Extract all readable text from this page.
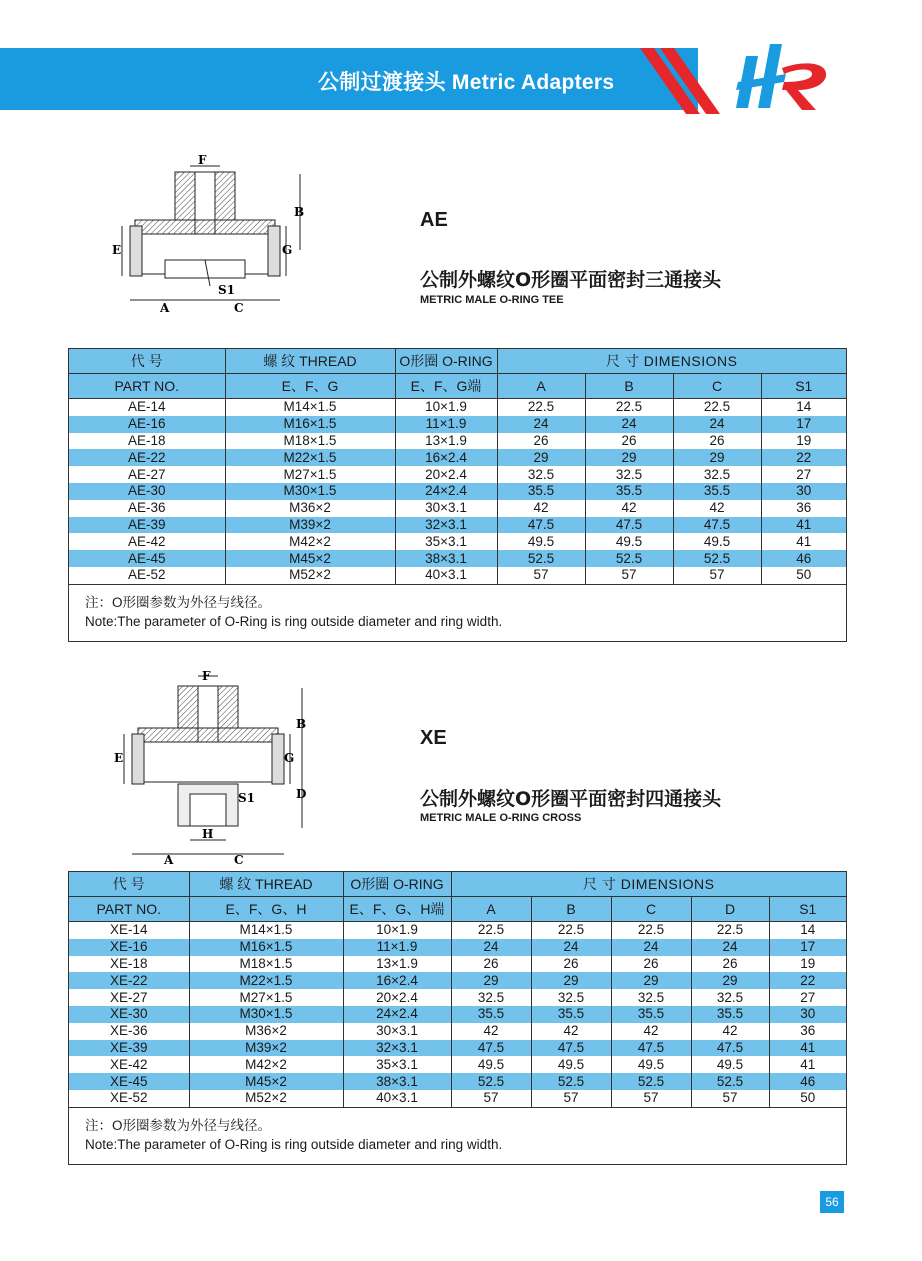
公制过渡接头 Metric Adapters
F
B
E	G
S1
A	C
AE
公制外螺纹O形圈平面密封三通接头
METRIC MALE O-RING TEE
代 号	螺 纹 THREAD	O形圈 O-RING	尺 寸 DIMENSIONS			
PART NO.	E、F、G	E、F、G端	A	B	C	S1
AE-14	M14×1.5	10×1.9	22.5	22.5	22.5	14
AE-16	M16×1.5	11×1.9	24	24	24	17
AE-18	M18×1.5	13×1.9	26	26	26	19
AE-22	M22×1.5	16×2.4	29	29	29	22
AE-27	M27×1.5	20×2.4	32.5	32.5	32.5	27
AE-30	M30×1.5	24×2.4	35.5	35.5	35.5	30
AE-36	M36×2	30×3.1	42	42	42	36
AE-39	M39×2	32×3.1	47.5	47.5	47.5	41
AE-42	M42×2	35×3.1	49.5	49.5	49.5	41
AE-45	M45×2	38×3.1	52.5	52.5	52.5	46
AE-52	M52×2	40×3.1	57	57	57	50
注：O形圈参数为外径与线径。
Note:The parameter of O-Ring is ring outside diameter and ring width.
F
B
E	G
D
S1
H
A	C
XE
公制外螺纹O形圈平面密封四通接头
METRIC MALE O-RING CROSS
代 号	螺 纹 THREAD	O形圈 O-RING	尺 寸 DIMENSIONS				
PART NO.	E、F、G、H	E、F、G、H端	A	B	C	D	S1
XE-14	M14×1.5	10×1.9	22.5	22.5	22.5	22.5	14
XE-16	M16×1.5	11×1.9	24	24	24	24	17
XE-18	M18×1.5	13×1.9	26	26	26	26	19
XE-22	M22×1.5	16×2.4	29	29	29	29	22
XE-27	M27×1.5	20×2.4	32.5	32.5	32.5	32.5	27
XE-30	M30×1.5	24×2.4	35.5	35.5	35.5	35.5	30
XE-36	M36×2	30×3.1	42	42	42	42	36
XE-39	M39×2	32×3.1	47.5	47.5	47.5	47.5	41
XE-42	M42×2	35×3.1	49.5	49.5	49.5	49.5	41
XE-45	M45×2	38×3.1	52.5	52.5	52.5	52.5	46
XE-52	M52×2	40×3.1	57	57	57	57	50
注：O形圈参数为外径与线径。
Note:The parameter of O-Ring is ring outside diameter and ring width.
56
